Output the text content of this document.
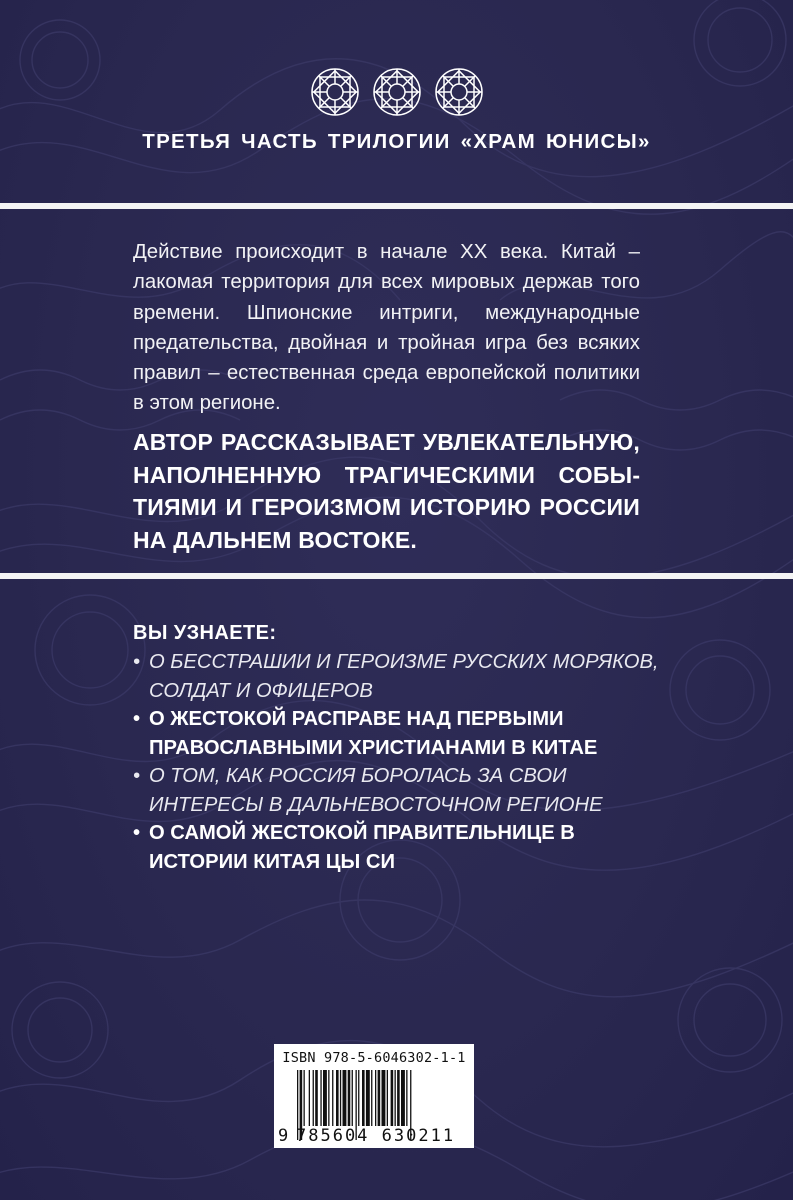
ТРЕТЬЯ ЧАСТЬ ТРИЛОГИИ «ХРАМ ЮНИСЫ»

Действие происходит в начале XX века. Китай – лакомая территория для всех мировых держав того времени. Шпионские интриги, международные предательства, двойная и тройная игра без всяких правил – естественная среда европейской политики в этом регионе.

АВТОР РАССКАЗЫВАЕТ УВЛЕКАТЕЛЬНУЮ, НАПОЛНЕННУЮ ТРАГИЧЕСКИМИ СОБЫТИЯМИ И ГЕРОИЗМОМ ИСТОРИЮ РОССИИ НА ДАЛЬНЕМ ВОСТОКЕ.

ВЫ УЗНАЕТЕ:

• О БЕССТРАШИИ И ГЕРОИЗМЕ РУССКИХ МОРЯКОВ, СОЛДАТ И ОФИЦЕРОВ
• О ЖЕСТОКОЙ РАСПРАВЕ НАД ПЕРВЫМИ ПРАВОСЛАВНЫМИ ХРИСТИАНАМИ В КИТАЕ
• О ТОМ, КАК РОССИЯ БОРОЛАСЬ ЗА СВОИ ИНТЕРЕСЫ В ДАЛЬНЕВОСТОЧНОМ РЕГИОНЕ
• О САМОЙ ЖЕСТОКОЙ ПРАВИТЕЛЬНИЦЕ В ИСТОРИИ КИТАЯ ЦЫ СИ
ISBN 978-5-6046302-1-1
9 785604 630211
